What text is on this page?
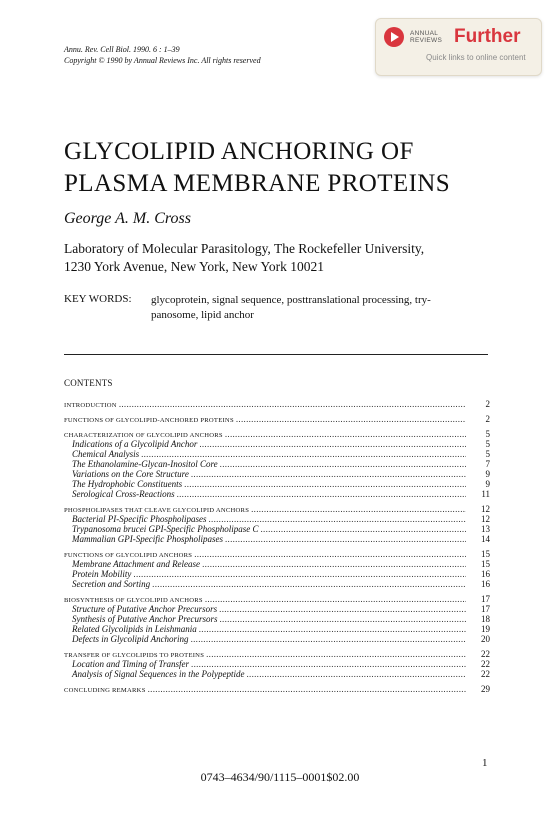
Annu. Rev. Cell Biol. 1990. 6 : 1–39
Copyright © 1990 by Annual Reviews Inc. All rights reserved
ANNUAL
REVIEWS Further
Quick links to online content
GLYCOLIPID ANCHORING OF
PLASMA MEMBRANE PROTEINS
George A. M. Cross
Laboratory of Molecular Parasitology, The Rockefeller University,
1230 York Avenue, New York, New York 10021
KEY WORDS: glycoprotein, signal sequence, posttranslational processing, try-
panosome, lipid anchor
CONTENTS
INTRODUCTION .....	2
FUNCTIONS OF GLYCOLIPID-ANCHORED PROTEINS .....	2
CHARACTERIZATION OF GLYCOLIPID ANCHORS .....	5
Indications of a Glycolipid Anchor .....	5
Chemical Analysis .....	5
The Ethanolamine-Glycan-Inositol Core .....	7
Variations on the Core Structure .....	9
The Hydrophobic Constituents .....	9
Serological Cross-Reactions .....	11
PHOSPHOLIPASES THAT CLEAVE GLYCOLIPID ANCHORS .....	12
Bacterial PI-Specific Phospholipases .....	12
Trypanosoma brucei GPI-Specific Phospholipase C .....	13
Mammalian GPI-Specific Phospholipases .....	14
FUNCTIONS OF GLYCOLIPID ANCHORS .....	15
Membrane Attachment and Release .....	15
Protein Mobility .....	16
Secretion and Sorting .....	16
BIOSYNTHESIS OF GLYCOLIPID ANCHORS .....	17
Structure of Putative Anchor Precursors .....	17
Synthesis of Putative Anchor Precursors .....	18
Related Glycolipids in Leishmania .....	19
Defects in Glycolipid Anchoring .....	20
TRANSFER OF GLYCOLIPIDS TO PROTEINS .....	22
Location and Timing of Transfer .....	22
Analysis of Signal Sequences in the Polypeptide .....	22
CONCLUDING REMARKS .....	29
1
0743–4634/90/1115–0001$02.00
